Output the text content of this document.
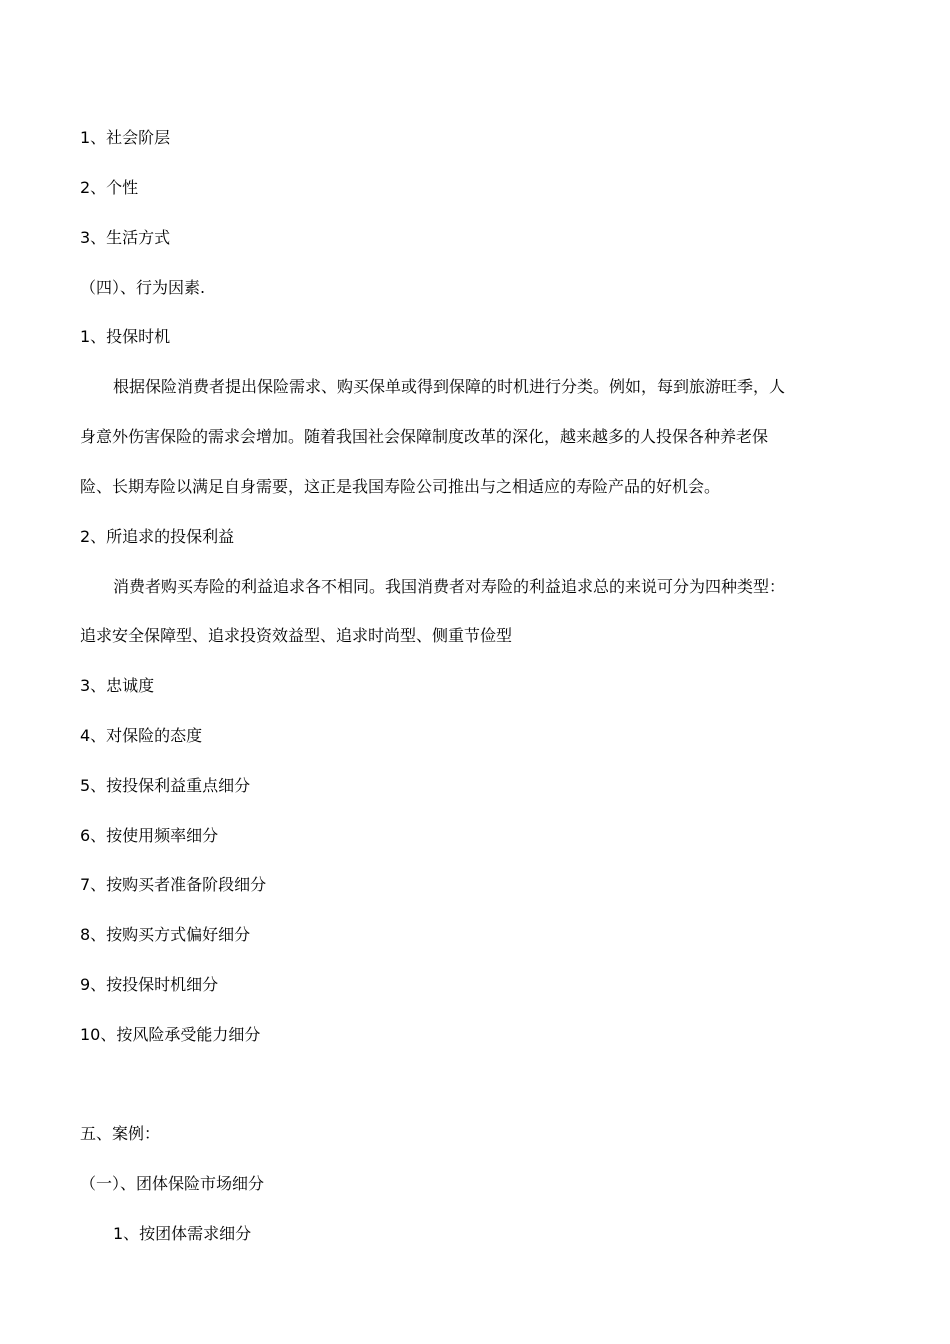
1、社会阶层
2、个性
3、生活方式
（四）、行为因素.
1、投保时机
根据保险消费者提出保险需求、购买保单或得到保障的时机进行分类。例如，每到旅游旺季，人
身意外伤害保险的需求会增加。随着我国社会保障制度改革的深化，越来越多的人投保各种养老保
险、长期寿险以满足自身需要，这正是我国寿险公司推出与之相适应的寿险产品的好机会。
2、所追求的投保利益
消费者购买寿险的利益追求各不相同。我国消费者对寿险的利益追求总的来说可分为四种类型：
追求安全保障型、追求投资效益型、追求时尚型、侧重节俭型
3、忠诚度
4、对保险的态度
5、按投保利益重点细分
6、按使用频率细分
7、按购买者准备阶段细分
8、按购买方式偏好细分
9、按投保时机细分
10、按风险承受能力细分
五、案例：
（一）、团体保险市场细分
1、按团体需求细分
